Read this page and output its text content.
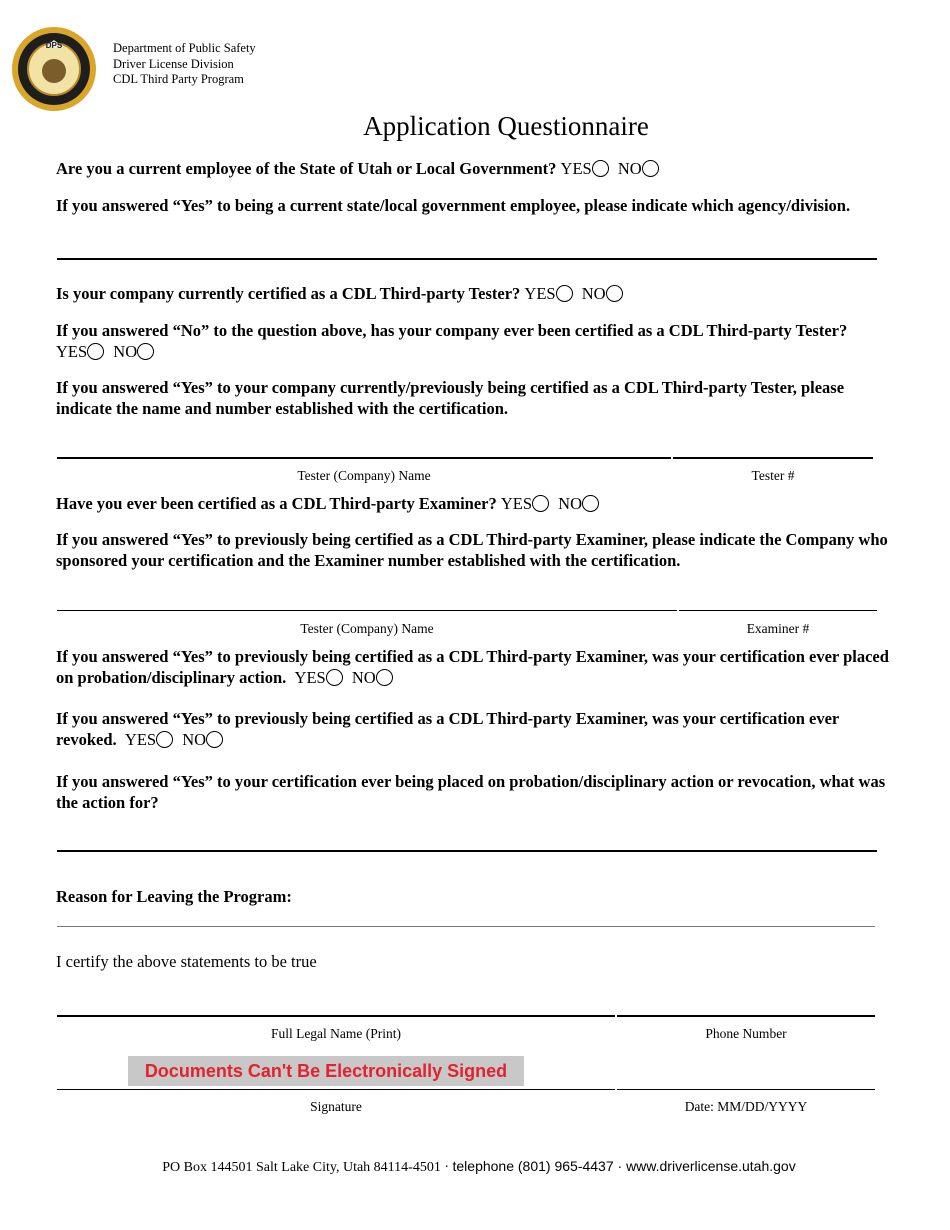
DPS
UTAH
Department of Public Safety
Driver License Division
CDL Third Party Program
Application Questionnaire
Are you a current employee of the State of Utah or Local Government? YES NO
If you answered “Yes” to being a current state/local government employee, please indicate which agency/division.
Is your company currently certified as a CDL Third-party Tester? YES NO
If you answered “No” to the question above, has your company ever been certified as a CDL Third-party Tester?
YES NO
If you answered “Yes” to your company currently/previously being certified as a CDL Third-party Tester, please indicate the name and number established with the certification.
Tester (Company) Name	Tester #
Have you ever been certified as a CDL Third-party Examiner? YES NO
If you answered “Yes” to previously being certified as a CDL Third-party Examiner, please indicate the Company who sponsored your certification and the Examiner number established with the certification.
Tester (Company) Name	Examiner #
If you answered “Yes” to previously being certified as a CDL Third-party Examiner, was your certification ever placed on probation/disciplinary action. YES NO
If you answered “Yes” to previously being certified as a CDL Third-party Examiner, was your certification ever revoked. YES NO
If you answered “Yes” to your certification ever being placed on probation/disciplinary action or revocation, what was the action for?
Reason for Leaving the Program:
I certify the above statements to be true
Full Legal Name (Print)	Phone Number
Documents Can't Be Electronically Signed
Signature	Date: MM/DD/YYYY
PO Box 144501 Salt Lake City, Utah 84114-4501 · telephone (801) 965-4437 · www.driverlicense.utah.gov
